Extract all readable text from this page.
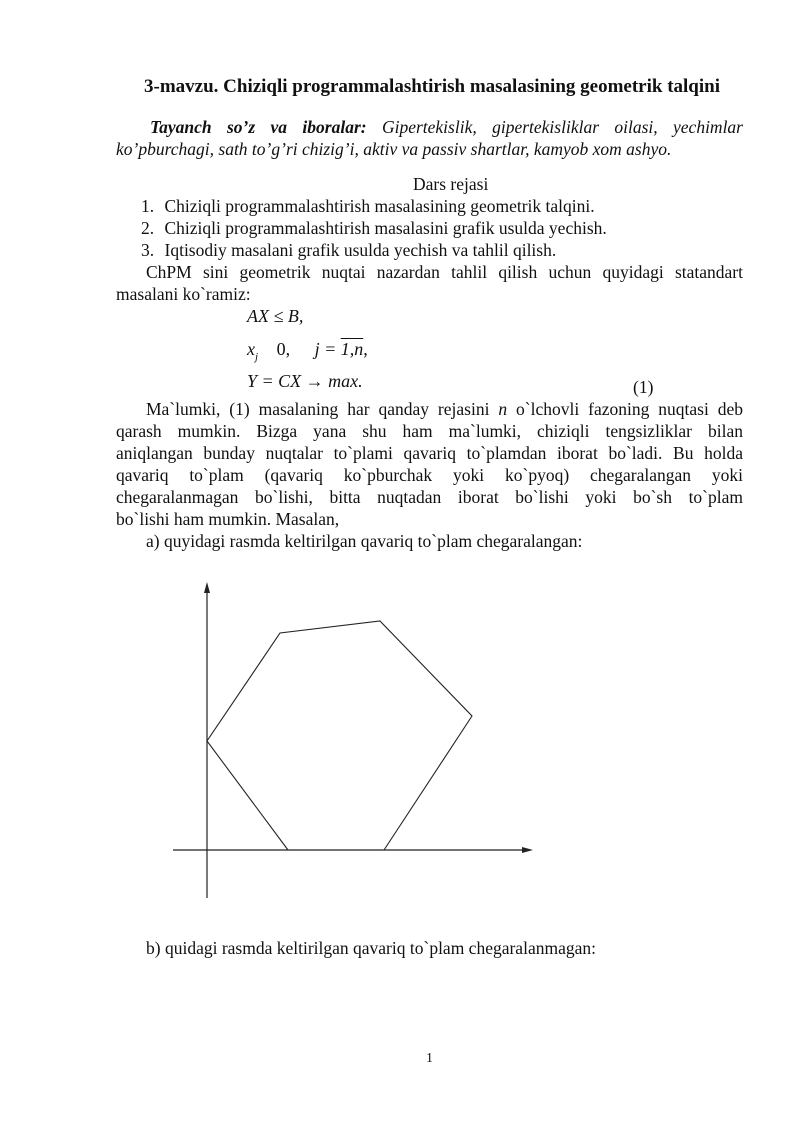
3-mavzu. Chiziqli programmalashtirish masalasining geometrik talqini
Tayanch so’z va iboralar: Gipertekislik, gipertekisliklar oilasi, yechimlar
ko’pburchagi, sath to’g’ri chizig’i, aktiv va passiv shartlar, kamyob xom ashyo.
Dars rejasi
1. Chiziqli programmalashtirish masalasining geometrik talqini.
2. Chiziqli programmalashtirish masalasini grafik usulda yechish.
3. Iqtisodiy masalani grafik usulda yechish va tahlil qilish.
ChPM sini geometrik nuqtai nazardan tahlil qilish uchun quyidagi statandart
masalani ko`ramiz:
AX ≤ B,
$x_j$ 0, j = 1,n,
Y = CX → max.	(1)
Ma`lumki, (1) masalaning har qanday rejasini n o`lchovli fazoning nuqtasi deb
qarash mumkin. Bizga yana shu ham ma`lumki, chiziqli tengsizliklar bilan
aniqlangan bunday nuqtalar to`plami qavariq to`plamdan iborat bo`ladi. Bu holda
qavariq to`plam (qavariq ko`pburchak yoki ko`pyoq) chegaralangan yoki
chegaralanmagan bo`lishi, bitta nuqtadan iborat bo`lishi yoki bo`sh to`plam
bo`lishi ham mumkin. Masalan,
a) quyidagi rasmda keltirilgan qavariq to`plam chegaralangan:
b) quidagi rasmda keltirilgan qavariq to`plam chegaralanmagan:
1
